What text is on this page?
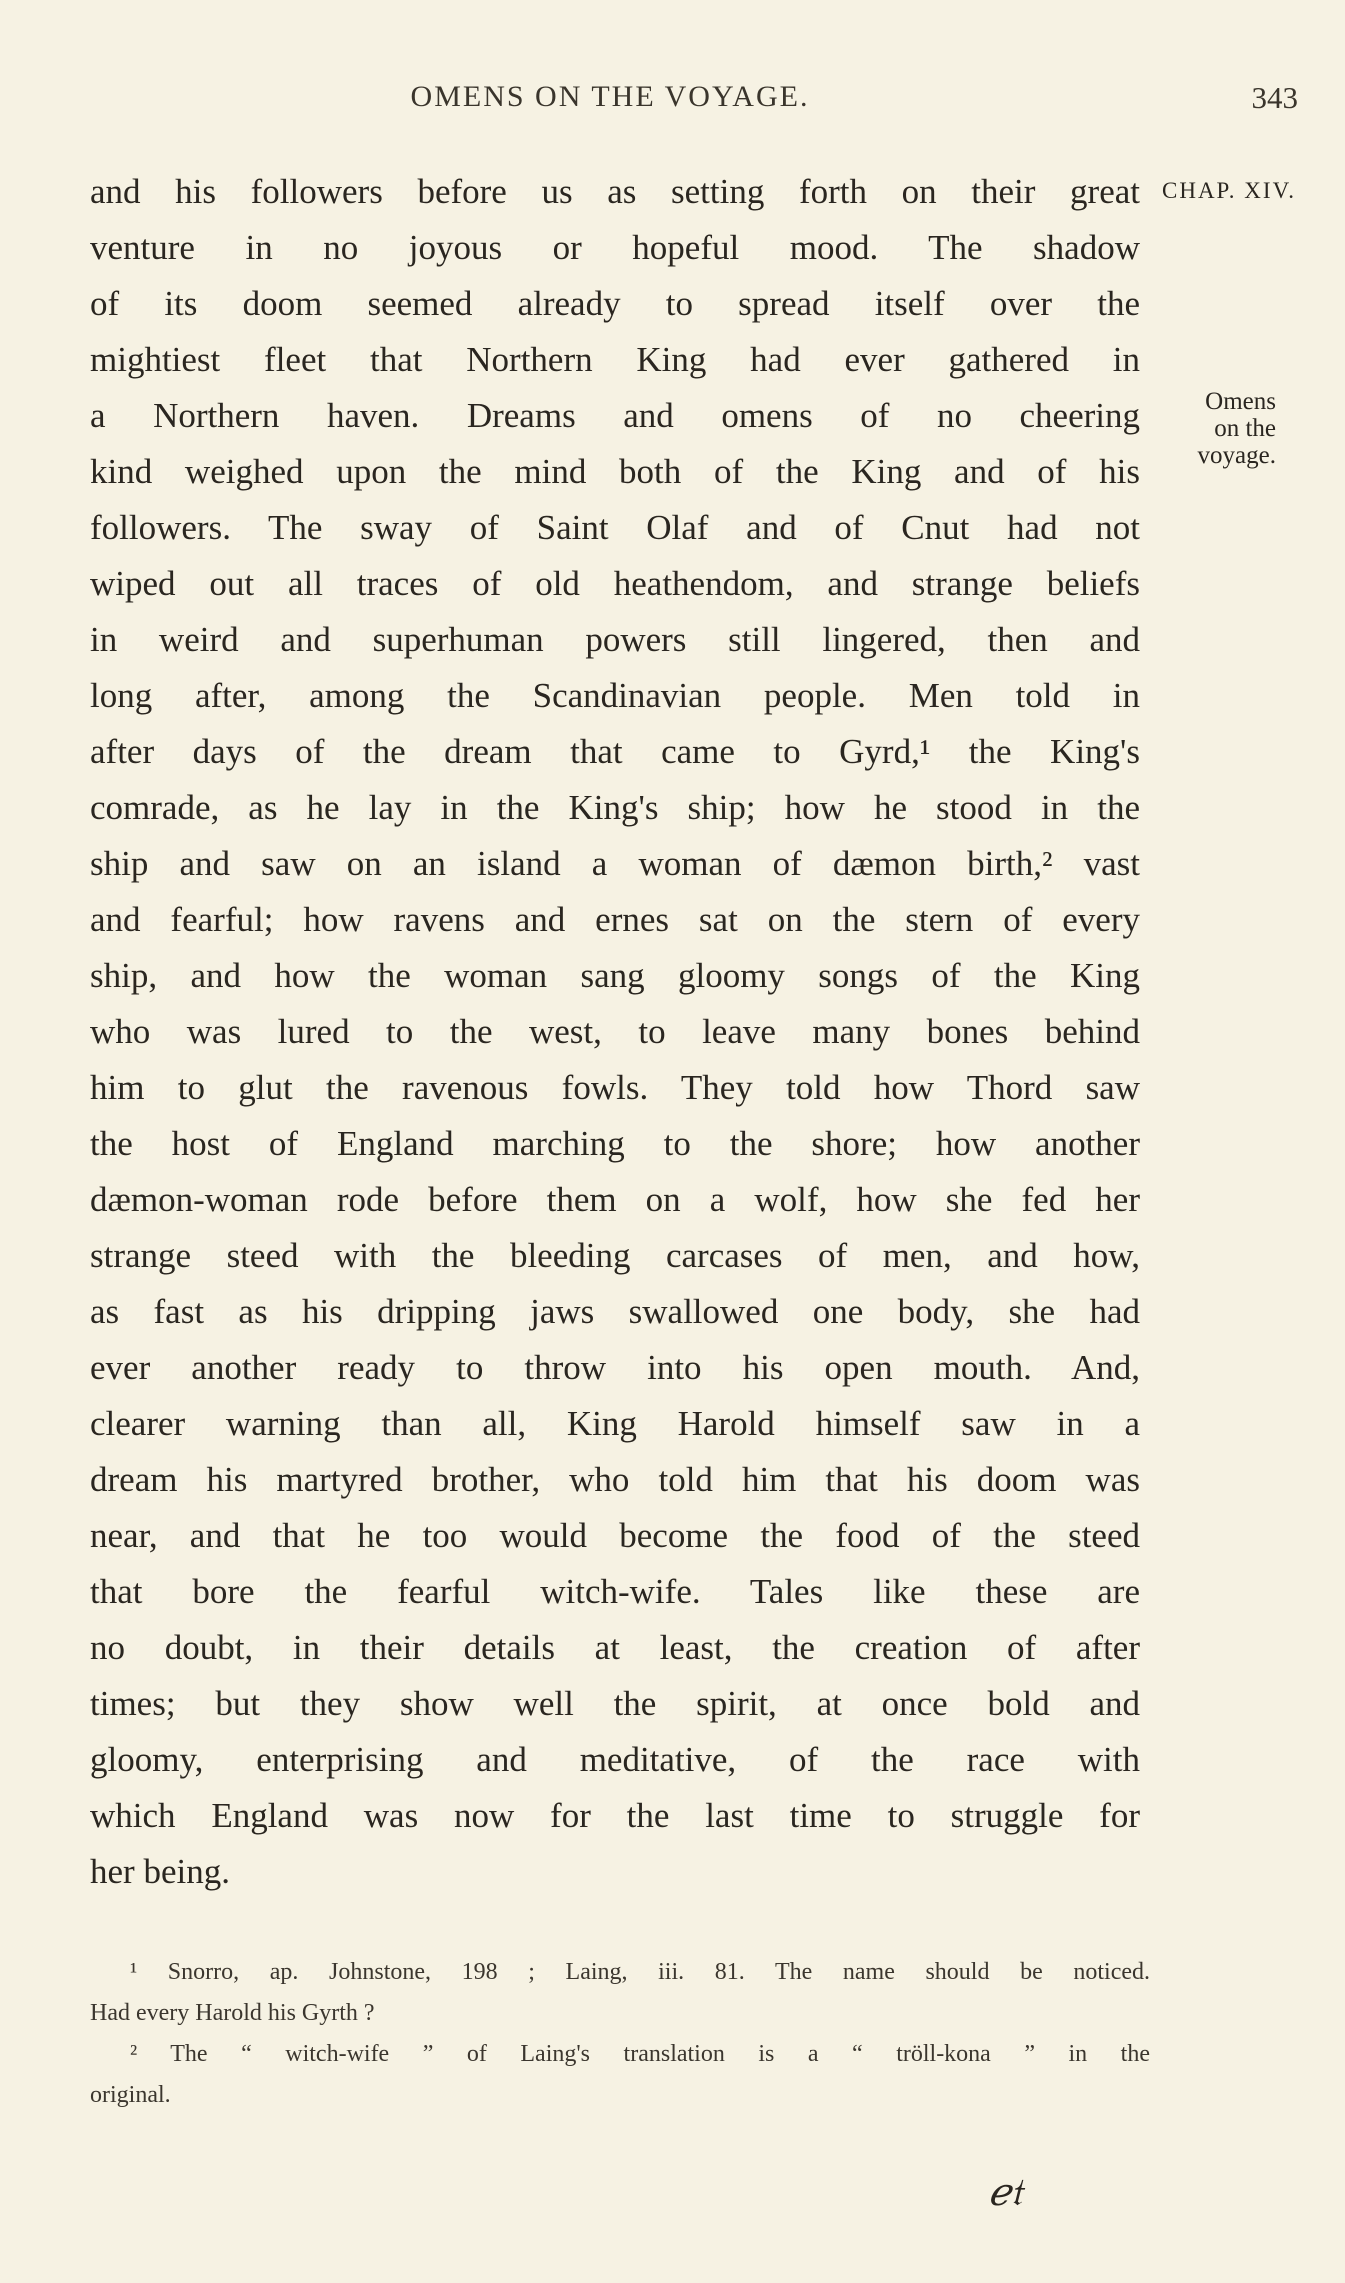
OMENS ON THE VOYAGE.	343
CHAP. XIV.
Omens
on the
voyage.
and his followers before us as setting forth on their great
venture in no joyous or hopeful mood. The shadow
of its doom seemed already to spread itself over the
mightiest fleet that Northern King had ever gathered in
a Northern haven. Dreams and omens of no cheering
kind weighed upon the mind both of the King and of his
followers. The sway of Saint Olaf and of Cnut had not
wiped out all traces of old heathendom, and strange beliefs
in weird and superhuman powers still lingered, then and
long after, among the Scandinavian people. Men told in
after days of the dream that came to Gyrd,¹ the King's
comrade, as he lay in the King's ship; how he stood in the
ship and saw on an island a woman of dæmon birth,² vast
and fearful; how ravens and ernes sat on the stern of every
ship, and how the woman sang gloomy songs of the King
who was lured to the west, to leave many bones behind
him to glut the ravenous fowls. They told how Thord saw
the host of England marching to the shore; how another
dæmon-woman rode before them on a wolf, how she fed her
strange steed with the bleeding carcases of men, and how,
as fast as his dripping jaws swallowed one body, she had
ever another ready to throw into his open mouth. And,
clearer warning than all, King Harold himself saw in a
dream his martyred brother, who told him that his doom was
near, and that he too would become the food of the steed
that bore the fearful witch-wife. Tales like these are
no doubt, in their details at least, the creation of after
times; but they show well the spirit, at once bold and
gloomy, enterprising and meditative, of the race with
which England was now for the last time to struggle for
her being.
¹ Snorro, ap. Johnstone, 198 ; Laing, iii. 81. The name should be noticed.
Had every Harold his Gyrth ?
² The “ witch-wife ” of Laing's translation is a “ tröll-kona ” in the
original.
ℯ𝔱
